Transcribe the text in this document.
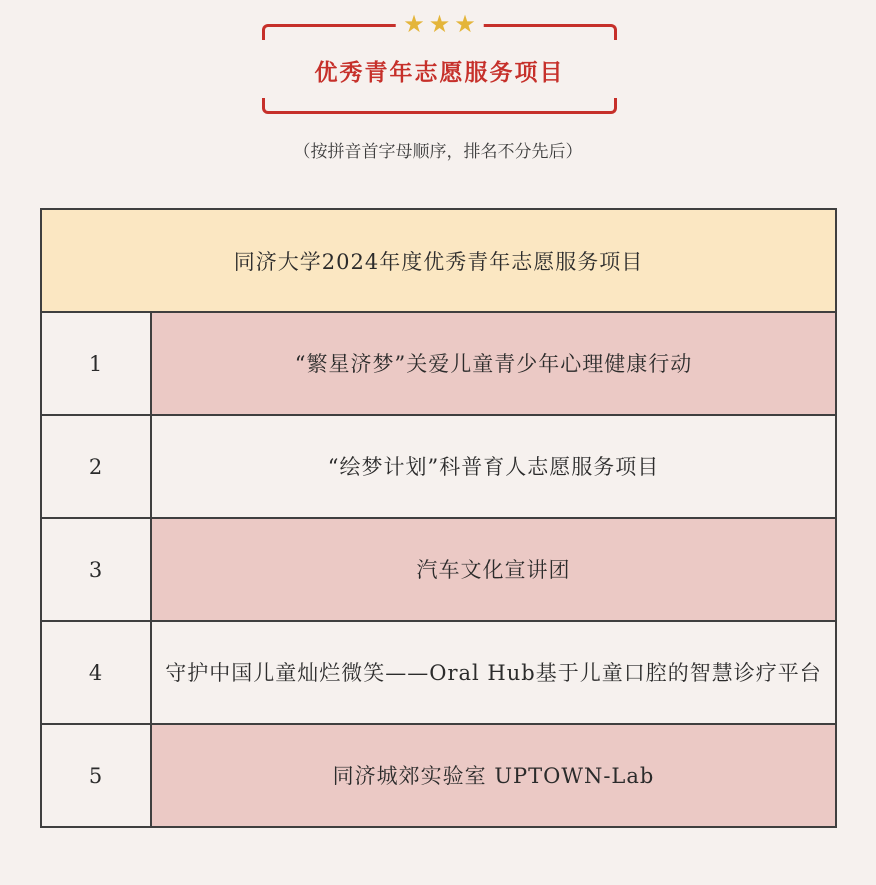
★ ★ ★
优秀青年志愿服务项目
（按拼音首字母顺序，排名不分先后）
同济大学2024年度优秀青年志愿服务项目	
1	“繁星济梦”关爱儿童青少年心理健康行动
2	“绘梦计划”科普育人志愿服务项目
3	汽车文化宣讲团
4	守护中国儿童灿烂微笑——Oral Hub基于儿童口腔的智慧诊疗平台
5	同济城郊实验室 UPTOWN-Lab
